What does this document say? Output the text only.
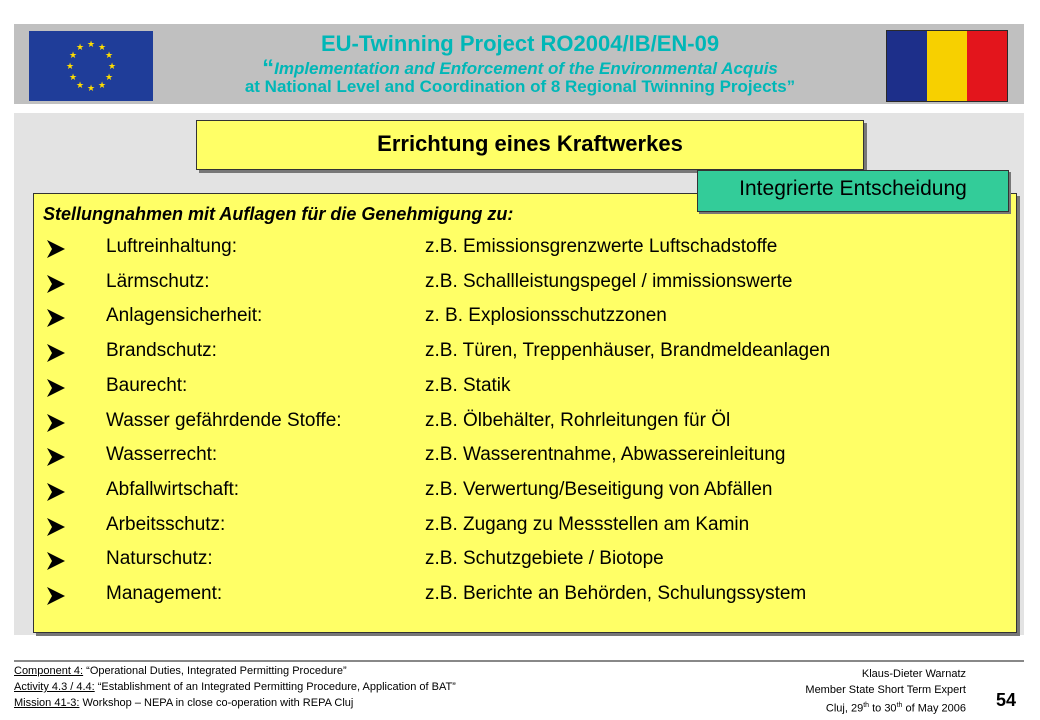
★ ★
★
★
★
★
★
★
★
★
★
★	EU-Twinning Project RO2004/IB/EN-09
“Implementation and Enforcement of the Environmental Acquis
at National Level and Coordination of 8 Regional Twinning Projects”
Errichtung eines Kraftwerkes
Integrierte Entscheidung
Stellungnahmen mit Auflagen für die Genehmigung zu:
Luftreinhaltung:	z.B. Emissionsgrenzwerte Luftschadstoffe
Lärmschutz:	z.B. Schallleistungspegel / immissionswerte
Anlagensicherheit:	z. B. Explosionsschutzzonen
Brandschutz:	z.B. Türen, Treppenhäuser, Brandmeldeanlagen
Baurecht:	z.B. Statik
Wasser gefährdende Stoffe:	z.B. Ölbehälter, Rohrleitungen für Öl
Wasserrecht:	z.B. Wasserentnahme, Abwassereinleitung
Abfallwirtschaft:	z.B. Verwertung/Beseitigung von Abfällen
Arbeitsschutz:	z.B. Zugang zu Messstellen am Kamin
Naturschutz:	z.B. Schutzgebiete / Biotope
Management:	z.B. Berichte an Behörden, Schulungssystem
Component 4: “Operational Duties, Integrated Permitting Procedure”
Activity 4.3 / 4.4: “Establishment of an Integrated Permitting Procedure, Application of BAT”
Mission 41-3: Workshop – NEPA in close co-operation with REPA Cluj
Klaus-Dieter Warnatz
Member State Short Term Expert
Cluj, 29th to 30th of May 2006 54
